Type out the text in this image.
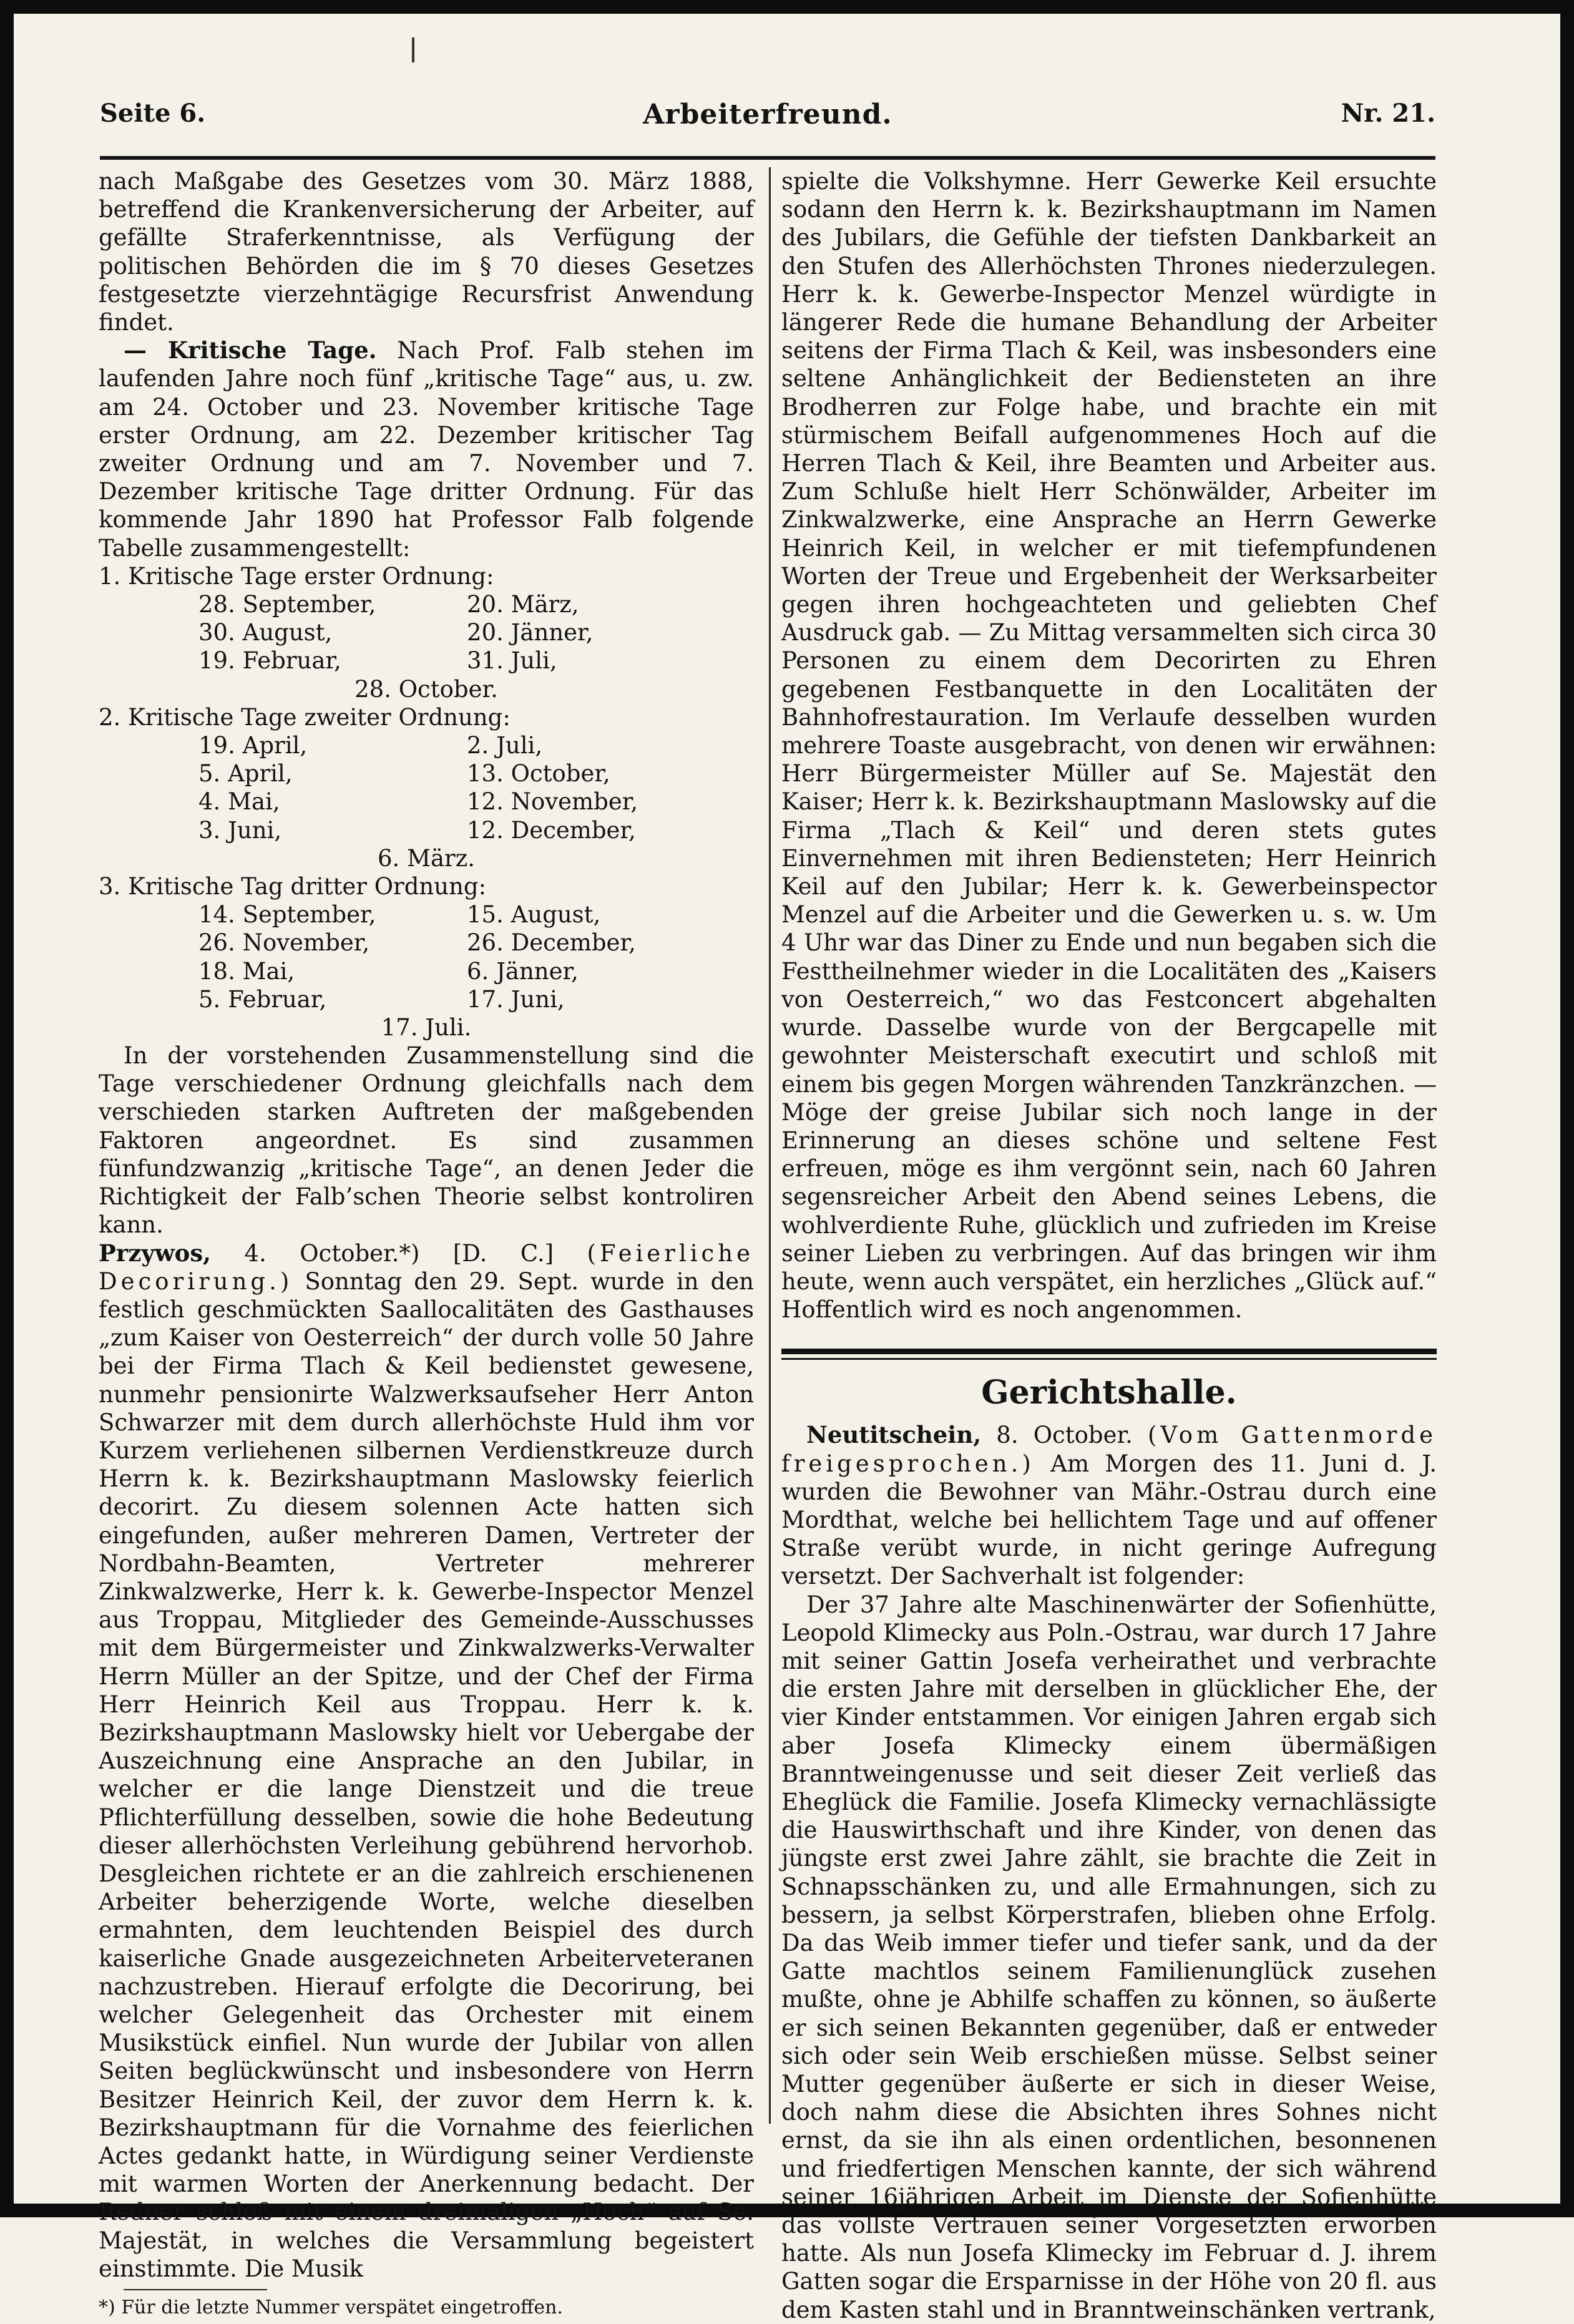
Arbeiterfreund.
Seite 6.	Nr. 21.

nach Maßgabe des Gesetzes vom 30. März 1888, betreffend die Krankenversicherung der Arbeiter, auf gefällte Straferkenntnisse, als Verfügung der politischen Behörden die im § 70 dieses Gesetzes festgesetzte vierzehntägige Recursfrist Anwendung findet.

— Kritische Tage. Nach Prof. Falb stehen im laufenden Jahre noch fünf „kritische Tage“ aus, u. zw. am 24. October und 23. November kritische Tage erster Ordnung, am 22. Dezember kritischer Tag zweiter Ordnung und am 7. November und 7. Dezember kritische Tage dritter Ordnung. Für das kommende Jahr 1890 hat Professor Falb folgende Tabelle zusammengestellt:

1. Kritische Tage erster Ordnung:

28. September,	20. März,
30. August,	20. Jänner,
19. Februar,	31. Juli,
28. October.

2. Kritische Tage zweiter Ordnung:

19. April,	2. Juli,
5. April,	13. October,
4. Mai,	12. November,
3. Juni,	12. December,
6. März.

3. Kritische Tag dritter Ordnung:

14. September,	15. August,
26. November,	26. December,
18. Mai,	6. Jänner,
5. Februar,	17. Juni,
17. Juli.

In der vorstehenden Zusammenstellung sind die Tage verschiedener Ordnung gleichfalls nach dem verschieden starken Auftreten der maßgebenden Faktoren angeordnet. Es sind zusammen fünfundzwanzig „kritische Tage“, an denen Jeder die Richtigkeit der Falb’schen Theorie selbst kontroliren kann.

Przywos, 4. October.*) [D. C.] (Feierliche Decorirung.) Sonntag den 29. Sept. wurde in den festlich geschmückten Saallocalitäten des Gasthauses „zum Kaiser von Oesterreich“ der durch volle 50 Jahre bei der Firma Tlach & Keil bedienstet gewesene, nunmehr pensionirte Walzwerksaufseher Herr Anton Schwarzer mit dem durch allerhöchste Huld ihm vor Kurzem verliehenen silbernen Verdienstkreuze durch Herrn k. k. Bezirkshauptmann Maslowsky feierlich decorirt. Zu diesem solennen Acte hatten sich eingefunden, außer mehreren Damen, Vertreter der Nordbahn-Beamten, Vertreter mehrerer Zinkwalzwerke, Herr k. k. Gewerbe-Inspector Menzel aus Troppau, Mitglieder des Gemeinde-Ausschusses mit dem Bürgermeister und Zinkwalzwerks-Verwalter Herrn Müller an der Spitze, und der Chef der Firma Herr Heinrich Keil aus Troppau. Herr k. k. Bezirkshauptmann Maslowsky hielt vor Uebergabe der Auszeichnung eine Ansprache an den Jubilar, in welcher er die lange Dienstzeit und die treue Pflichterfüllung desselben, sowie die hohe Bedeutung dieser allerhöchsten Verleihung gebührend hervorhob. Desgleichen richtete er an die zahlreich erschienenen Arbeiter beherzigende Worte, welche dieselben ermahnten, dem leuchtenden Beispiel des durch kaiserliche Gnade ausgezeichneten Arbeiterveteranen nachzustreben. Hierauf erfolgte die Decorirung, bei welcher Gelegenheit das Orchester mit einem Musikstück einfiel. Nun wurde der Jubilar von allen Seiten beglückwünscht und insbesondere von Herrn Besitzer Heinrich Keil, der zuvor dem Herrn k. k. Bezirkshauptmann für die Vornahme des feierlichen Actes gedankt hatte, in Würdigung seiner Verdienste mit warmen Worten der Anerkennung bedacht. Der Redner schloß mit einem dreimaligen „Hoch“ auf Se. Majestät, in welches die Versammlung begeistert einstimmte. Die Musik

*) Für die letzte Nummer verspätet eingetroffen.

spielte die Volkshymne. Herr Gewerke Keil ersuchte sodann den Herrn k. k. Bezirkshauptmann im Namen des Jubilars, die Gefühle der tiefsten Dankbarkeit an den Stufen des Allerhöchsten Thrones niederzulegen. Herr k. k. Gewerbe-Inspector Menzel würdigte in längerer Rede die humane Behandlung der Arbeiter seitens der Firma Tlach & Keil, was insbesonders eine seltene Anhänglichkeit der Bediensteten an ihre Brodherren zur Folge habe, und brachte ein mit stürmischem Beifall aufgenommenes Hoch auf die Herren Tlach & Keil, ihre Beamten und Arbeiter aus. Zum Schluße hielt Herr Schönwälder, Arbeiter im Zinkwalzwerke, eine Ansprache an Herrn Gewerke Heinrich Keil, in welcher er mit tiefempfundenen Worten der Treue und Ergebenheit der Werksarbeiter gegen ihren hochgeachteten und geliebten Chef Ausdruck gab. — Zu Mittag versammelten sich circa 30 Personen zu einem dem Decorirten zu Ehren gegebenen Festbanquette in den Localitäten der Bahnhofrestauration. Im Verlaufe desselben wurden mehrere Toaste ausgebracht, von denen wir erwähnen: Herr Bürgermeister Müller auf Se. Majestät den Kaiser; Herr k. k. Bezirkshauptmann Maslowsky auf die Firma „Tlach & Keil“ und deren stets gutes Einvernehmen mit ihren Bediensteten; Herr Heinrich Keil auf den Jubilar; Herr k. k. Gewerbeinspector Menzel auf die Arbeiter und die Gewerken u. s. w. Um 4 Uhr war das Diner zu Ende und nun begaben sich die Festtheilnehmer wieder in die Localitäten des „Kaisers von Oesterreich,“ wo das Festconcert abgehalten wurde. Dasselbe wurde von der Bergcapelle mit gewohnter Meisterschaft executirt und schloß mit einem bis gegen Morgen währenden Tanzkränzchen. — Möge der greise Jubilar sich noch lange in der Erinnerung an dieses schöne und seltene Fest erfreuen, möge es ihm vergönnt sein, nach 60 Jahren segensreicher Arbeit den Abend seines Lebens, die wohlverdiente Ruhe, glücklich und zufrieden im Kreise seiner Lieben zu verbringen. Auf das bringen wir ihm heute, wenn auch verspätet, ein herzliches „Glück auf.“ Hoffentlich wird es noch angenommen.

Gerichtshalle.

Neutitschein, 8. October. (Vom Gattenmorde freigesprochen.) Am Morgen des 11. Juni d. J. wurden die Bewohner van Mähr.-Ostrau durch eine Mordthat, welche bei hellichtem Tage und auf offener Straße verübt wurde, in nicht geringe Aufregung versetzt. Der Sachverhalt ist folgender:

Der 37 Jahre alte Maschinenwärter der Sofienhütte, Leopold Klimecky aus Poln.-Ostrau, war durch 17 Jahre mit seiner Gattin Josefa verheirathet und verbrachte die ersten Jahre mit derselben in glücklicher Ehe, der vier Kinder entstammen. Vor einigen Jahren ergab sich aber Josefa Klimecky einem übermäßigen Branntweingenusse und seit dieser Zeit verließ das Eheglück die Familie. Josefa Klimecky vernachlässigte die Hauswirthschaft und ihre Kinder, von denen das jüngste erst zwei Jahre zählt, sie brachte die Zeit in Schnapsschänken zu, und alle Ermahnungen, sich zu bessern, ja selbst Körperstrafen, blieben ohne Erfolg. Da das Weib immer tiefer und tiefer sank, und da der Gatte machtlos seinem Familienunglück zusehen mußte, ohne je Abhilfe schaffen zu können, so äußerte er sich seinen Bekannten gegenüber, daß er entweder sich oder sein Weib erschießen müsse. Selbst seiner Mutter gegenüber äußerte er sich in dieser Weise, doch nahm diese die Absichten ihres Sohnes nicht ernst, da sie ihn als einen ordentlichen, besonnenen und friedfertigen Menschen kannte, der sich während seiner 16jährigen Arbeit im Dienste der Sofienhütte das vollste Vertrauen seiner Vorgesetzten erworben hatte. Als nun Josefa Klimecky im Februar d. J. ihrem Gatten sogar die Ersparnisse in der Höhe von 20 fl. aus dem Kasten stahl und in Branntweinschänken vertrank,
